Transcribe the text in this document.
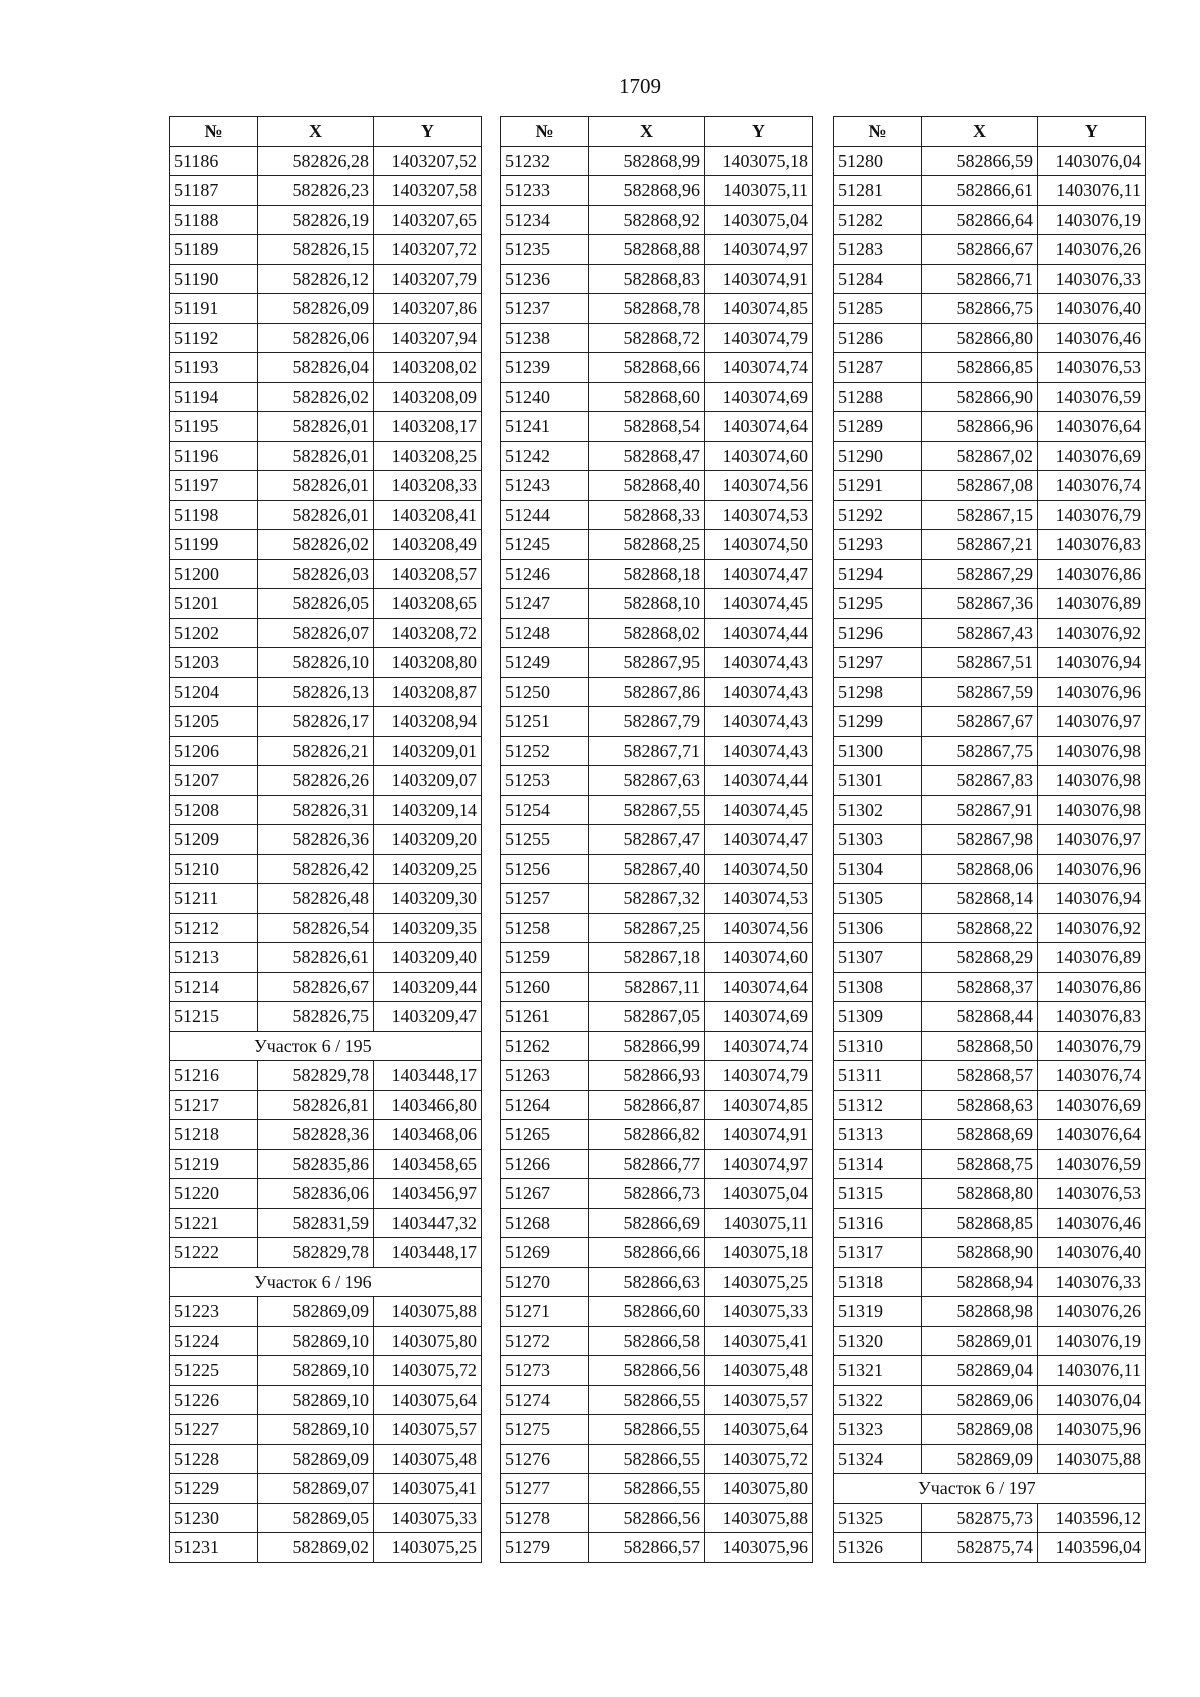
1709
№	X	Y
51186	582826,28	1403207,52
51187	582826,23	1403207,58
51188	582826,19	1403207,65
51189	582826,15	1403207,72
51190	582826,12	1403207,79
51191	582826,09	1403207,86
51192	582826,06	1403207,94
51193	582826,04	1403208,02
51194	582826,02	1403208,09
51195	582826,01	1403208,17
51196	582826,01	1403208,25
51197	582826,01	1403208,33
51198	582826,01	1403208,41
51199	582826,02	1403208,49
51200	582826,03	1403208,57
51201	582826,05	1403208,65
51202	582826,07	1403208,72
51203	582826,10	1403208,80
51204	582826,13	1403208,87
51205	582826,17	1403208,94
51206	582826,21	1403209,01
51207	582826,26	1403209,07
51208	582826,31	1403209,14
51209	582826,36	1403209,20
51210	582826,42	1403209,25
51211	582826,48	1403209,30
51212	582826,54	1403209,35
51213	582826,61	1403209,40
51214	582826,67	1403209,44
51215	582826,75	1403209,47
Участок 6 / 195		
51216	582829,78	1403448,17
51217	582826,81	1403466,80
51218	582828,36	1403468,06
51219	582835,86	1403458,65
51220	582836,06	1403456,97
51221	582831,59	1403447,32
51222	582829,78	1403448,17
Участок 6 / 196		
51223	582869,09	1403075,88
51224	582869,10	1403075,80
51225	582869,10	1403075,72
51226	582869,10	1403075,64
51227	582869,10	1403075,57
51228	582869,09	1403075,48
51229	582869,07	1403075,41
51230	582869,05	1403075,33
51231	582869,02	1403075,25
№	X	Y
51232	582868,99	1403075,18
51233	582868,96	1403075,11
51234	582868,92	1403075,04
51235	582868,88	1403074,97
51236	582868,83	1403074,91
51237	582868,78	1403074,85
51238	582868,72	1403074,79
51239	582868,66	1403074,74
51240	582868,60	1403074,69
51241	582868,54	1403074,64
51242	582868,47	1403074,60
51243	582868,40	1403074,56
51244	582868,33	1403074,53
51245	582868,25	1403074,50
51246	582868,18	1403074,47
51247	582868,10	1403074,45
51248	582868,02	1403074,44
51249	582867,95	1403074,43
51250	582867,86	1403074,43
51251	582867,79	1403074,43
51252	582867,71	1403074,43
51253	582867,63	1403074,44
51254	582867,55	1403074,45
51255	582867,47	1403074,47
51256	582867,40	1403074,50
51257	582867,32	1403074,53
51258	582867,25	1403074,56
51259	582867,18	1403074,60
51260	582867,11	1403074,64
51261	582867,05	1403074,69
51262	582866,99	1403074,74
51263	582866,93	1403074,79
51264	582866,87	1403074,85
51265	582866,82	1403074,91
51266	582866,77	1403074,97
51267	582866,73	1403075,04
51268	582866,69	1403075,11
51269	582866,66	1403075,18
51270	582866,63	1403075,25
51271	582866,60	1403075,33
51272	582866,58	1403075,41
51273	582866,56	1403075,48
51274	582866,55	1403075,57
51275	582866,55	1403075,64
51276	582866,55	1403075,72
51277	582866,55	1403075,80
51278	582866,56	1403075,88
51279	582866,57	1403075,96
№	X	Y
51280	582866,59	1403076,04
51281	582866,61	1403076,11
51282	582866,64	1403076,19
51283	582866,67	1403076,26
51284	582866,71	1403076,33
51285	582866,75	1403076,40
51286	582866,80	1403076,46
51287	582866,85	1403076,53
51288	582866,90	1403076,59
51289	582866,96	1403076,64
51290	582867,02	1403076,69
51291	582867,08	1403076,74
51292	582867,15	1403076,79
51293	582867,21	1403076,83
51294	582867,29	1403076,86
51295	582867,36	1403076,89
51296	582867,43	1403076,92
51297	582867,51	1403076,94
51298	582867,59	1403076,96
51299	582867,67	1403076,97
51300	582867,75	1403076,98
51301	582867,83	1403076,98
51302	582867,91	1403076,98
51303	582867,98	1403076,97
51304	582868,06	1403076,96
51305	582868,14	1403076,94
51306	582868,22	1403076,92
51307	582868,29	1403076,89
51308	582868,37	1403076,86
51309	582868,44	1403076,83
51310	582868,50	1403076,79
51311	582868,57	1403076,74
51312	582868,63	1403076,69
51313	582868,69	1403076,64
51314	582868,75	1403076,59
51315	582868,80	1403076,53
51316	582868,85	1403076,46
51317	582868,90	1403076,40
51318	582868,94	1403076,33
51319	582868,98	1403076,26
51320	582869,01	1403076,19
51321	582869,04	1403076,11
51322	582869,06	1403076,04
51323	582869,08	1403075,96
51324	582869,09	1403075,88
Участок 6 / 197		
51325	582875,73	1403596,12
51326	582875,74	1403596,04
